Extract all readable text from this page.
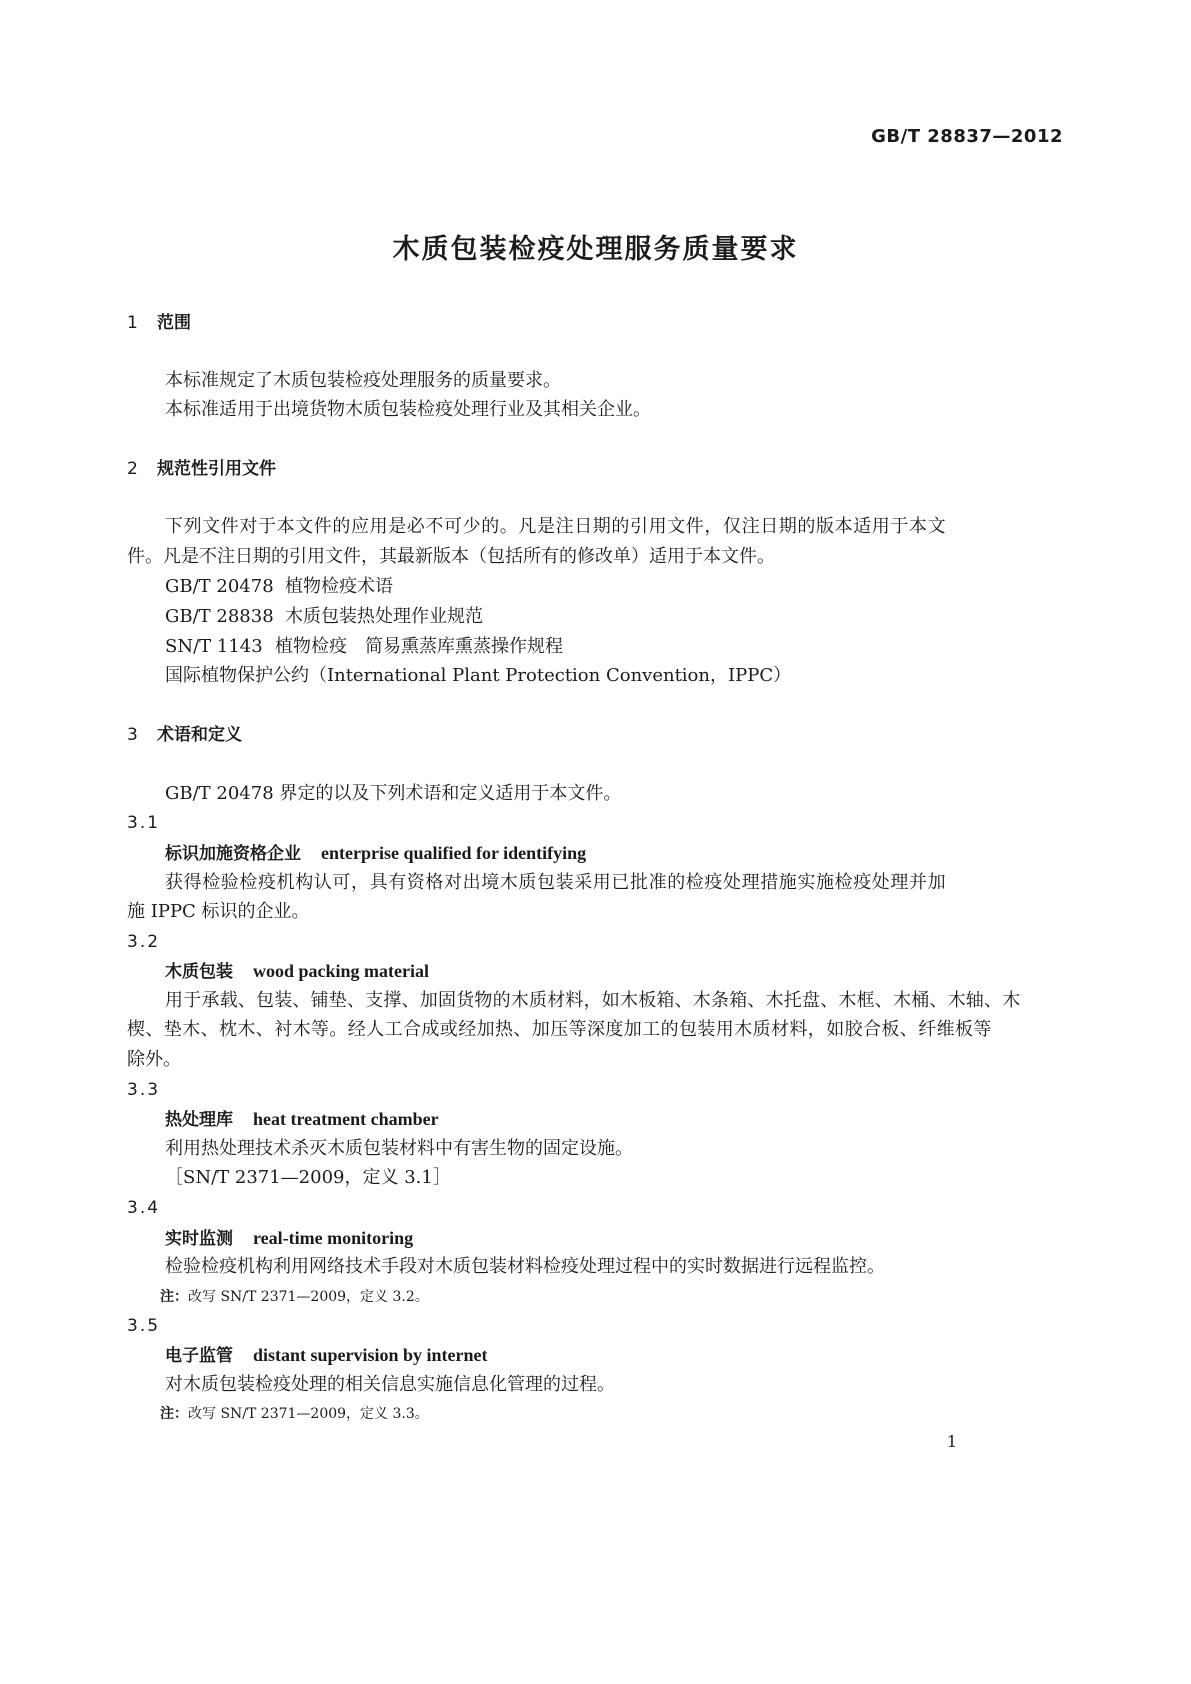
GB/T 28837—2012
木质包装检疫处理服务质量要求
1 范围
本标准规定了木质包装检疫处理服务的质量要求。
本标准适用于出境货物木质包装检疫处理行业及其相关企业。
2 规范性引用文件
下列文件对于本文件的应用是必不可少的。凡是注日期的引用文件，仅注日期的版本适用于本文
件。凡是不注日期的引用文件，其最新版本（包括所有的修改单）适用于本文件。
GB/T 20478 植物检疫术语
GB/T 28838 木质包装热处理作业规范
SN/T 1143 植物检疫　简易熏蒸库熏蒸操作规程
国际植物保护公约（International Plant Protection Convention，IPPC）
3 术语和定义
GB/T 20478 界定的以及下列术语和定义适用于本文件。
3.1
标识加施资格企业 enterprise qualified for identifying
获得检验检疫机构认可，具有资格对出境木质包装采用已批准的检疫处理措施实施检疫处理并加
施 IPPC 标识的企业。
3.2
木质包装 wood packing material
用于承载、包装、铺垫、支撑、加固货物的木质材料，如木板箱、木条箱、木托盘、木框、木桶、木轴、木
楔、垫木、枕木、衬木等。经人工合成或经加热、加压等深度加工的包装用木质材料，如胶合板、纤维板等
除外。
3.3
热处理库 heat treatment chamber
利用热处理技术杀灭木质包装材料中有害生物的固定设施。
［SN/T 2371—2009，定义 3.1］
3.4
实时监测 real-time monitoring
检验检疫机构利用网络技术手段对木质包装材料检疫处理过程中的实时数据进行远程监控。
注：改写 SN/T 2371—2009，定义 3.2。
3.5
电子监管 distant supervision by internet
对木质包装检疫处理的相关信息实施信息化管理的过程。
注：改写 SN/T 2371—2009，定义 3.3。
1
